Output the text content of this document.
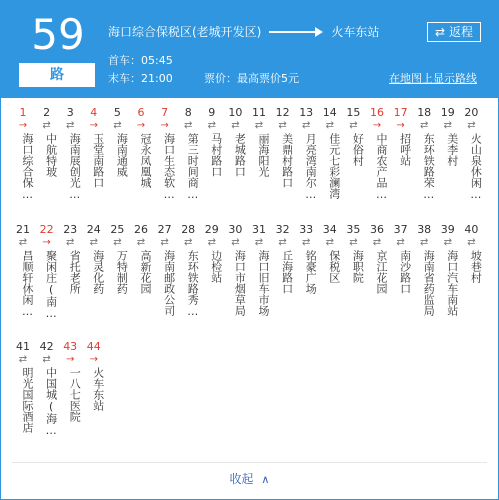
59
路
海口综合保税区(老城开发区)	火车东站	⇄ 返程
首车：05:45
末车：21:00	票价：最高票价5元	在地图上显示路线
1
→
海口综合保…
2
⇄
中航特玻
3
⇄
海南展创光…
4
→
玉堂南路口
5
⇄
海南通威
6
→
冠永凤凰城
7
→
海口生态软…
8
⇄
第三时间商…
9
⇄
马村路口
10
⇄
老城路口
11
⇄
丽海阳光
12
⇄
美鼎村路口
13
⇄
月亮湾南尔…
14
⇄
佳元七彩澜湾
15
⇄
好俗村
16
→
中商农产品…
17
→
招呼站
18
⇄
东环铁路荣…
19
⇄
美李村
20
⇄
火山泉休闲…
21
⇄
昌顺轩休闲…
22
→
聚闲庄(南…
23
⇄
省托老所
24
⇄
海灵化药
25
⇄
万特制药
26
⇄
高新花园
27
⇄
海南邮政公司
28
⇄
东环铁路秀…
29
⇄
边检站
30
⇄
海口市烟草局
31
⇄
海口旧车市场
32
⇄
丘海路口
33
⇄
铭豪广场
34
⇄
保税区
35
⇄
海职院
36
⇄
京江花园
37
⇄
南沙路口
38
⇄
海南省药监局
39
⇄
海口汽车南站
40
⇄
坡巷村
41
⇄
明光国际酒店
42
⇄
中国城(海…
43
→
一八七医院
44
→
火车东站
收起 ∧
